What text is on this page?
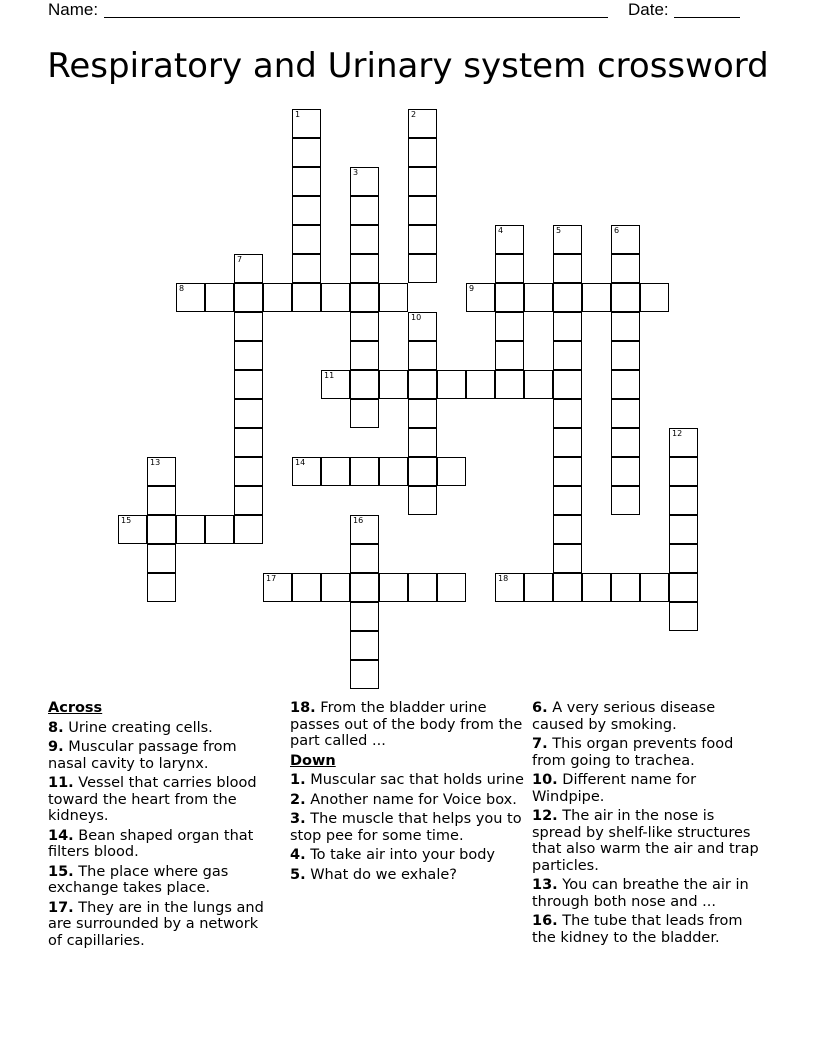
Name:	Date:
Respiratory and Urinary system crossword
1	2
3
4	5	6
7
8	9
10
11
12
13	14
15	16
17	18
Across
8. Urine creating cells.
9. Muscular passage from nasal cavity to larynx.
11. Vessel that carries blood toward the heart from the kidneys.
14. Bean shaped organ that filters blood.
15. The place where gas exchange takes place.
17. They are in the lungs and are surrounded by a network of capillaries.
18. From the bladder urine passes out of the body from the part called ...
Down
1. Muscular sac that holds urine
2. Another name for Voice box.
3. The muscle that helps you to stop pee for some time.
4. To take air into your body
5. What do we exhale?
6. A very serious disease caused by smoking.
7. This organ prevents food from going to trachea.
10. Different name for Windpipe.
12. The air in the nose is spread by shelf-like structures that also warm the air and trap particles.
13. You can breathe the air in through both nose and ...
16. The tube that leads from the kidney to the bladder.
